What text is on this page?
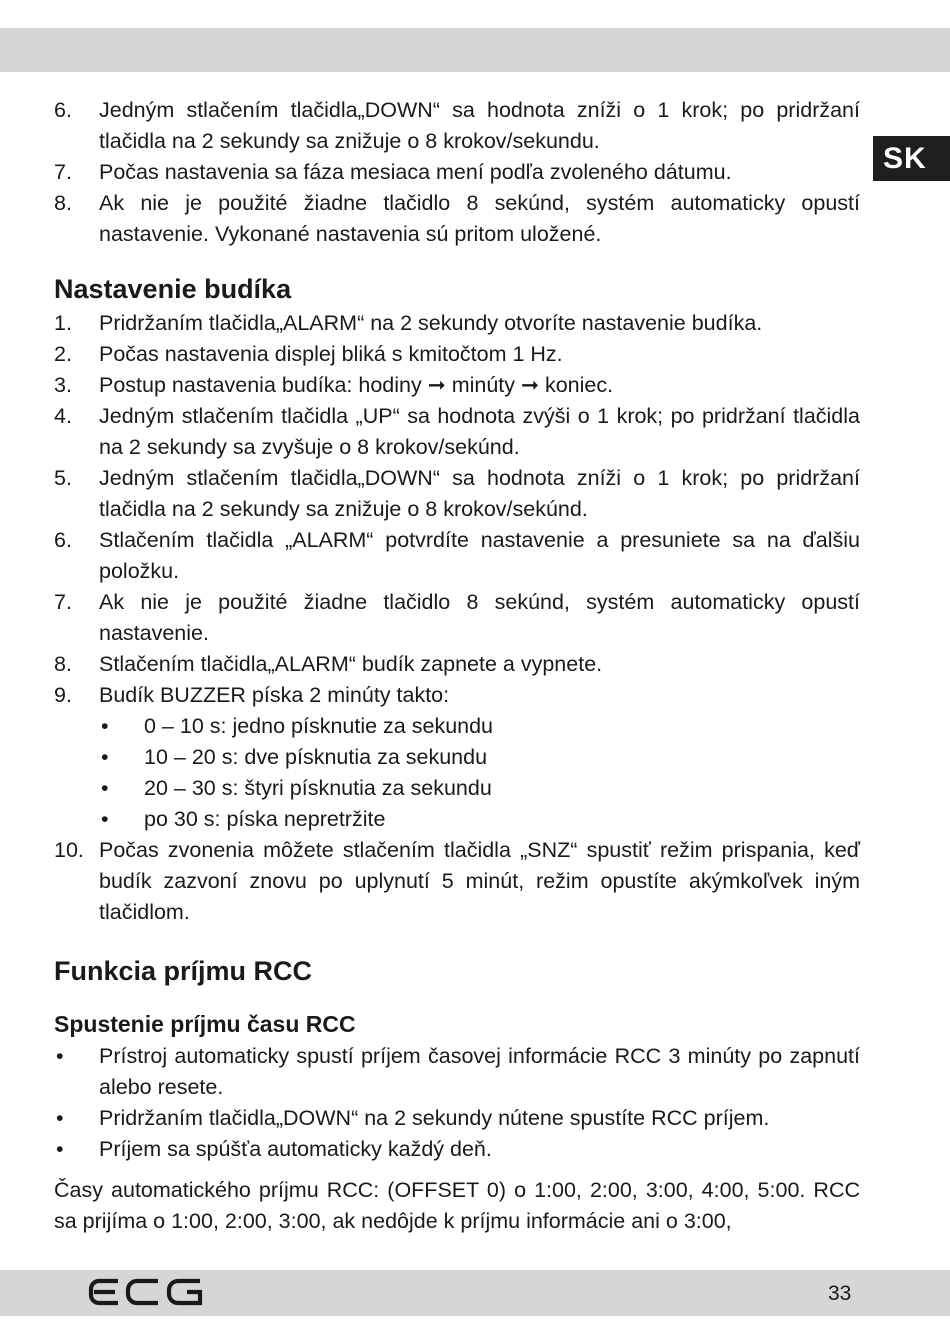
SK
6. Jedným stlačením tlačidla„DOWN“ sa hodnota zníži o 1 krok; po pridržaní tlačidla na 2 sekundy sa znižuje o 8 krokov/sekundu.
7. Počas nastavenia sa fáza mesiaca mení podľa zvoleného dátumu.
8. Ak nie je použité žiadne tlačidlo 8 sekúnd, systém automaticky opustí nastavenie. Vykonané nastavenia sú pritom uložené.
Nastavenie budíka
1. Pridržaním tlačidla„ALARM“ na 2 sekundy otvoríte nastavenie budíka.
2. Počas nastavenia displej bliká s kmitočtom 1 Hz.
3. Postup nastavenia budíka: hodiny ➞ minúty ➞ koniec.
4. Jedným stlačením tlačidla „UP“ sa hodnota zvýši o 1 krok; po pridržaní tlačidla na 2 sekundy sa zvyšuje o 8 krokov/sekúnd.
5. Jedným stlačením tlačidla„DOWN“ sa hodnota zníži o 1 krok; po pridržaní tlačidla na 2 sekundy sa znižuje o 8 krokov/sekúnd.
6. Stlačením tlačidla „ALARM“ potvrdíte nastavenie a presuniete sa na ďalšiu položku.
7. Ak nie je použité žiadne tlačidlo 8 sekúnd, systém automaticky opustí nastavenie.
8. Stlačením tlačidla„ALARM“ budík zapnete a vypnete.
9. Budík BUZZER píska 2 minúty takto:
• 0 – 10 s: jedno písknutie za sekundu
• 10 – 20 s: dve písknutia za sekundu
• 20 – 30 s: štyri písknutia za sekundu
• po 30 s: píska nepretržite
10. Počas zvonenia môžete stlačením tlačidla „SNZ“ spustiť režim prispania, keď budík zazvoní znovu po uplynutí 5 minút, režim opustíte akýmkoľvek iným tlačidlom.
Funkcia príjmu RCC
Spustenie príjmu času RCC
• Prístroj automaticky spustí príjem časovej informácie RCC 3 minúty po zapnutí alebo resete.
• Pridržaním tlačidla„DOWN“ na 2 sekundy nútene spustíte RCC príjem.
• Príjem sa spúšťa automaticky každý deň.
Časy automatického príjmu RCC: (OFFSET 0) o 1:00, 2:00, 3:00, 4:00, 5:00. RCC sa prijíma o 1:00, 2:00, 3:00, ak nedôjde k príjmu informácie ani o 3:00,
33
